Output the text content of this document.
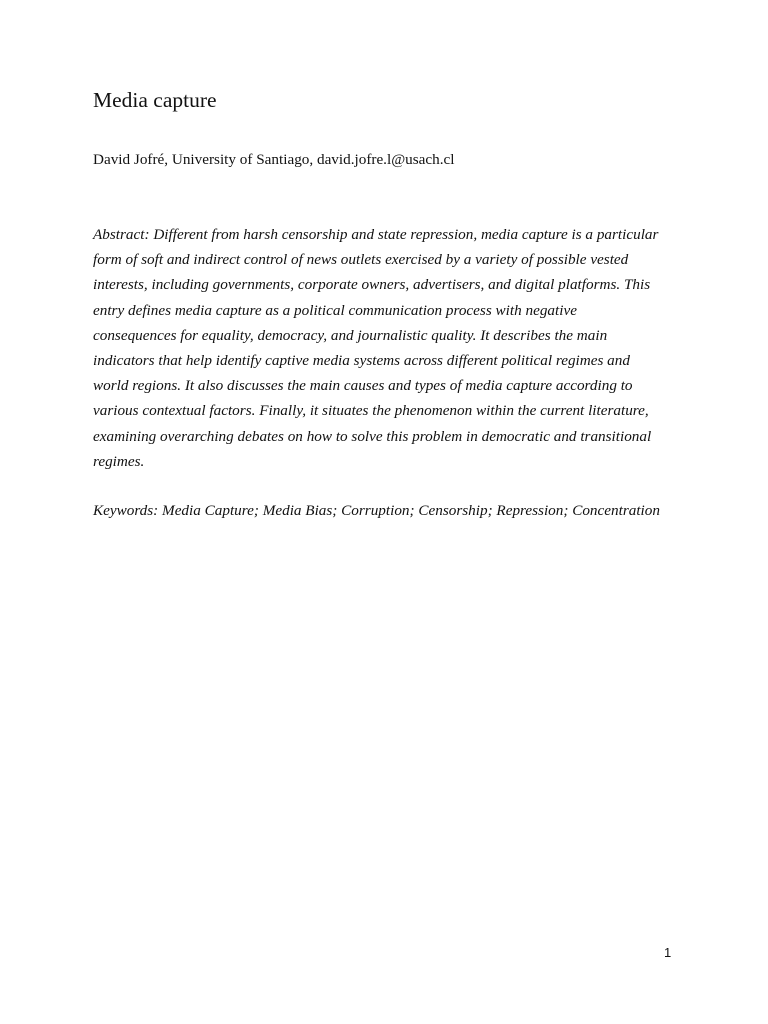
Media capture
David Jofré, University of Santiago, david.jofre.l@usach.cl
Abstract: Different from harsh censorship and state repression, media capture is a particular
form of soft and indirect control of news outlets exercised by a variety of possible vested
interests, including governments, corporate owners, advertisers, and digital platforms. This
entry defines media capture as a political communication process with negative
consequences for equality, democracy, and journalistic quality. It describes the main
indicators that help identify captive media systems across different political regimes and
world regions. It also discusses the main causes and types of media capture according to
various contextual factors. Finally, it situates the phenomenon within the current literature,
examining overarching debates on how to solve this problem in democratic and transitional
regimes.
Keywords: Media Capture; Media Bias; Corruption; Censorship; Repression; Concentration
1
